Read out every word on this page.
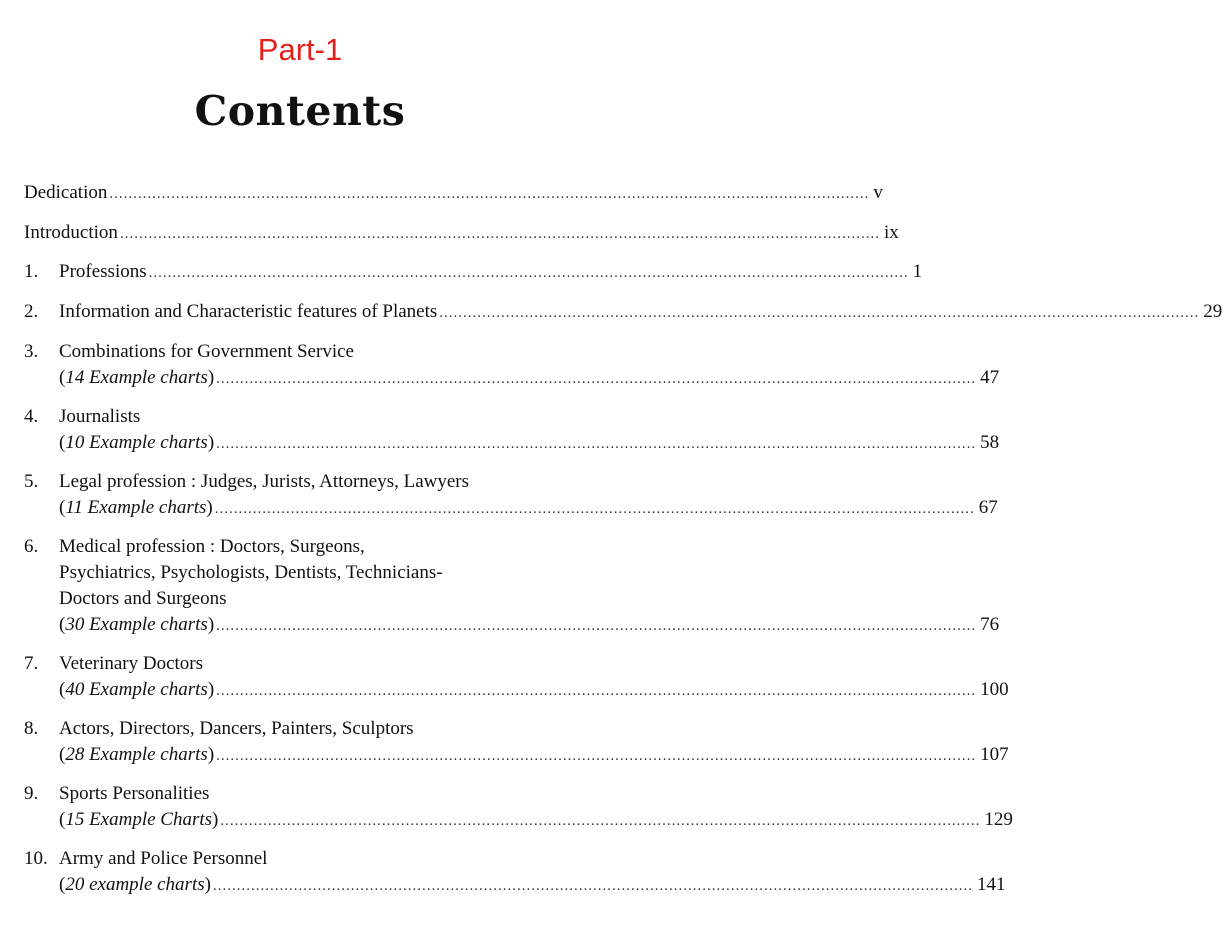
Part-1
Contents
Dedication ................................................................................................................................................................ v
Introduction ................................................................................................................................................................ ix
1.	Professions ................................................................................................................................................................ 1
2.	Information and Characteristic features of Planets ................................................................................................................................................................ 29
3. Combinations for Government Service
(14 Example charts) ................................................................................................................................................................ 47
4. Journalists
(10 Example charts) ................................................................................................................................................................ 58
5. Legal profession : Judges, Jurists, Attorneys, Lawyers
(11 Example charts) ................................................................................................................................................................ 67
6. Medical profession : Doctors, Surgeons,
Psychiatrics, Psychologists, Dentists, Technicians-
Doctors and Surgeons
(30 Example charts) ................................................................................................................................................................ 76
7. Veterinary Doctors
(40 Example charts) ................................................................................................................................................................ 100
8. Actors, Directors, Dancers, Painters, Sculptors
(28 Example charts) ................................................................................................................................................................ 107
9. Sports Personalities
(15 Example Charts) ................................................................................................................................................................ 129
10. Army and Police Personnel
(20 example charts) ................................................................................................................................................................ 141
